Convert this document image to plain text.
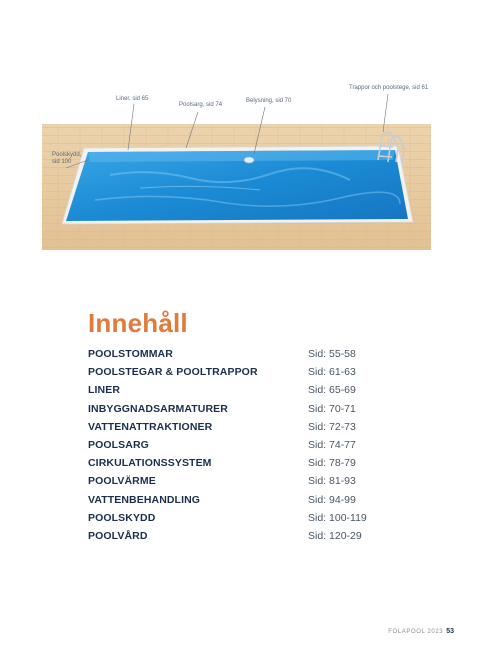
Liner, sid 65
Poolsarg, sid 74
Belysning, sid 70
Trappor och poolstege, sid 61
Poolskydd,
sid 100
Innehåll
POOLSTOMMAR	Sid: 55-58
POOLSTEGAR & POOLTRAPPOR	Sid: 61-63
LINER	Sid: 65-69
INBYGGNADSARMATURER	Sid: 70-71
VATTENATTRAKTIONER	Sid: 72-73
POOLSARG	Sid: 74-77
CIRKULATIONSSYSTEM	Sid: 78-79
POOLVÄRME	Sid: 81-93
VATTENBEHANDLING	Sid: 94-99
POOLSKYDD	Sid: 100-119
POOLVÅRD	Sid: 120-29
FOLAPOOL 2023 53
